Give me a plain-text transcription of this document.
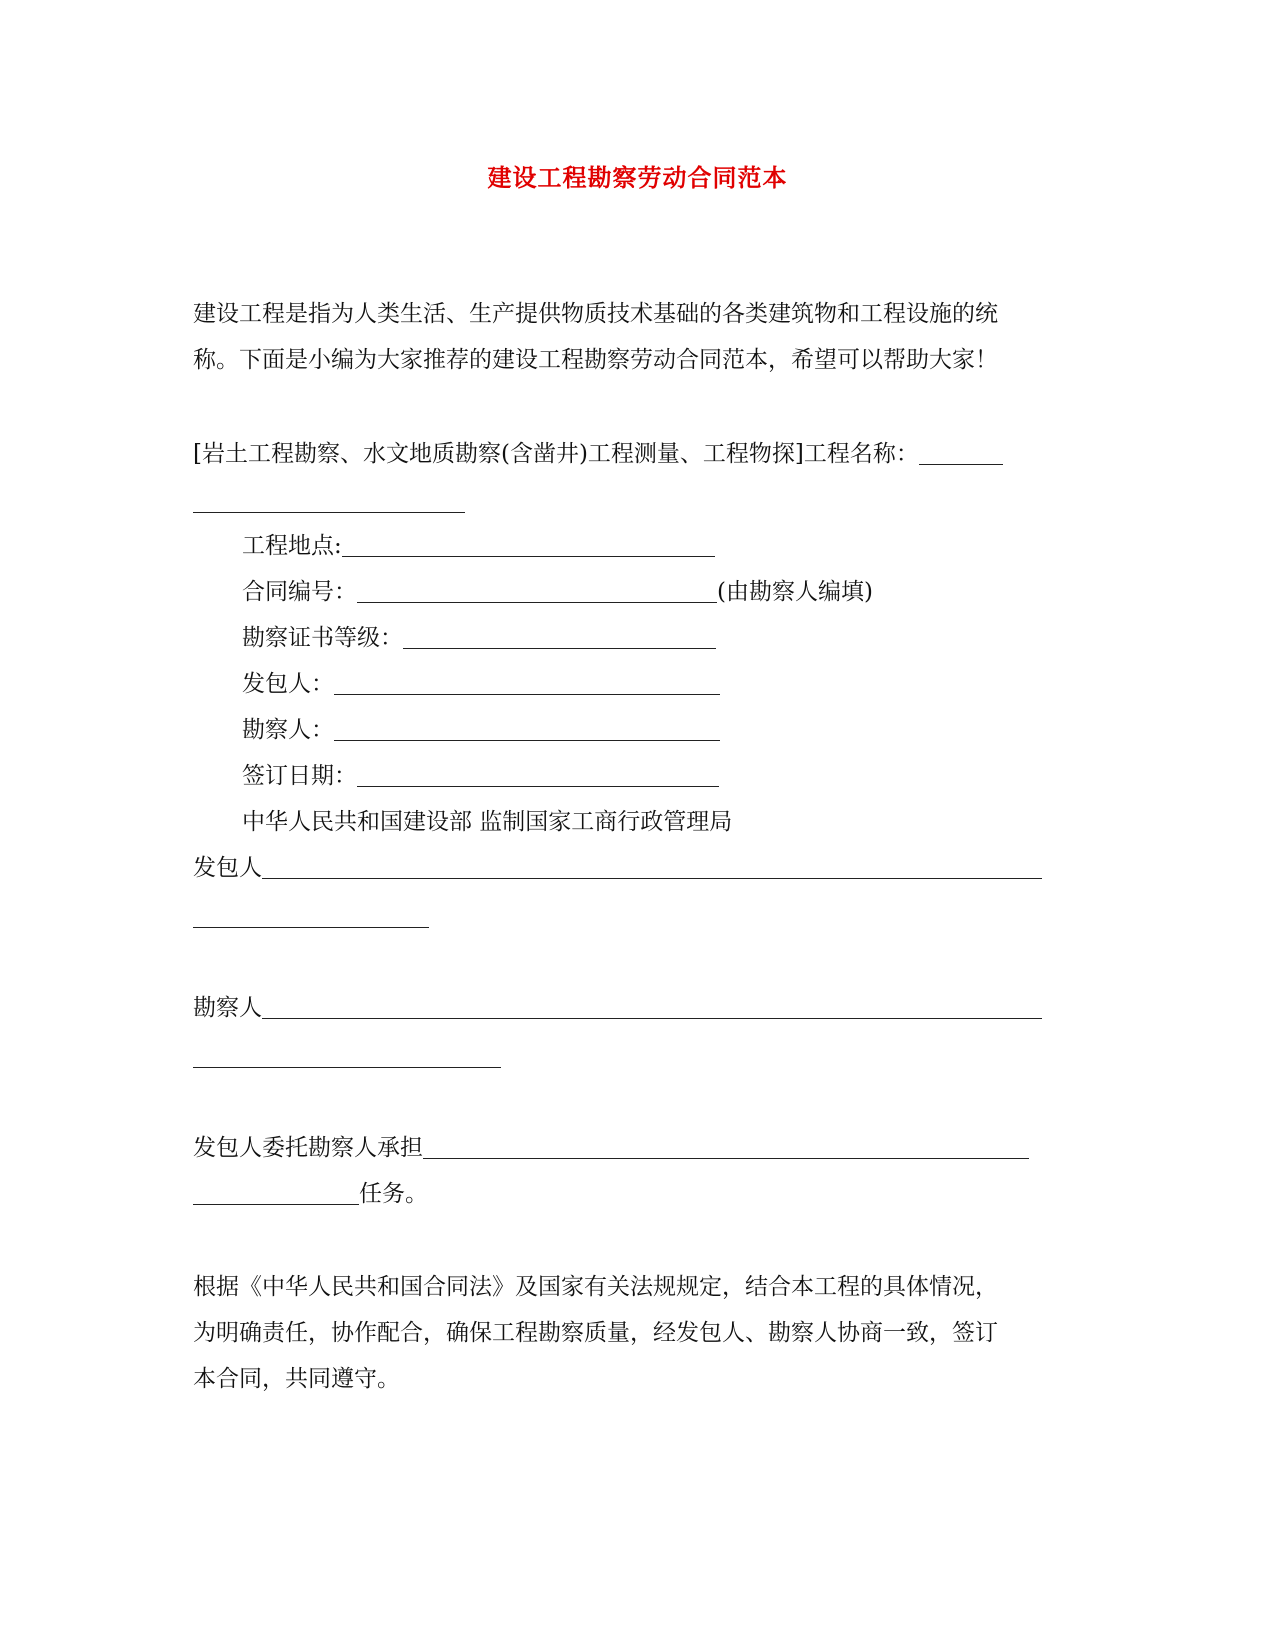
建设工程勘察劳动合同范本
建设工程是指为人类生活、生产提供物质技术基础的各类建筑物和工程设施的统
称。下面是小编为大家推荐的建设工程勘察劳动合同范本，希望可以帮助大家！
[岩土工程勘察、水文地质勘察(含凿井)工程测量、工程物探]工程名称：
工程地点:
合同编号：	(由勘察人编填)
勘察证书等级：
发包人：
勘察人：
签订日期：
中华人民共和国建设部 监制国家工商行政管理局
发包人
勘察人
发包人委托勘察人承担
任务。
根据《中华人民共和国合同法》及国家有关法规规定，结合本工程的具体情况，
为明确责任，协作配合，确保工程勘察质量，经发包人、勘察人协商一致，签订
本合同，共同遵守。
